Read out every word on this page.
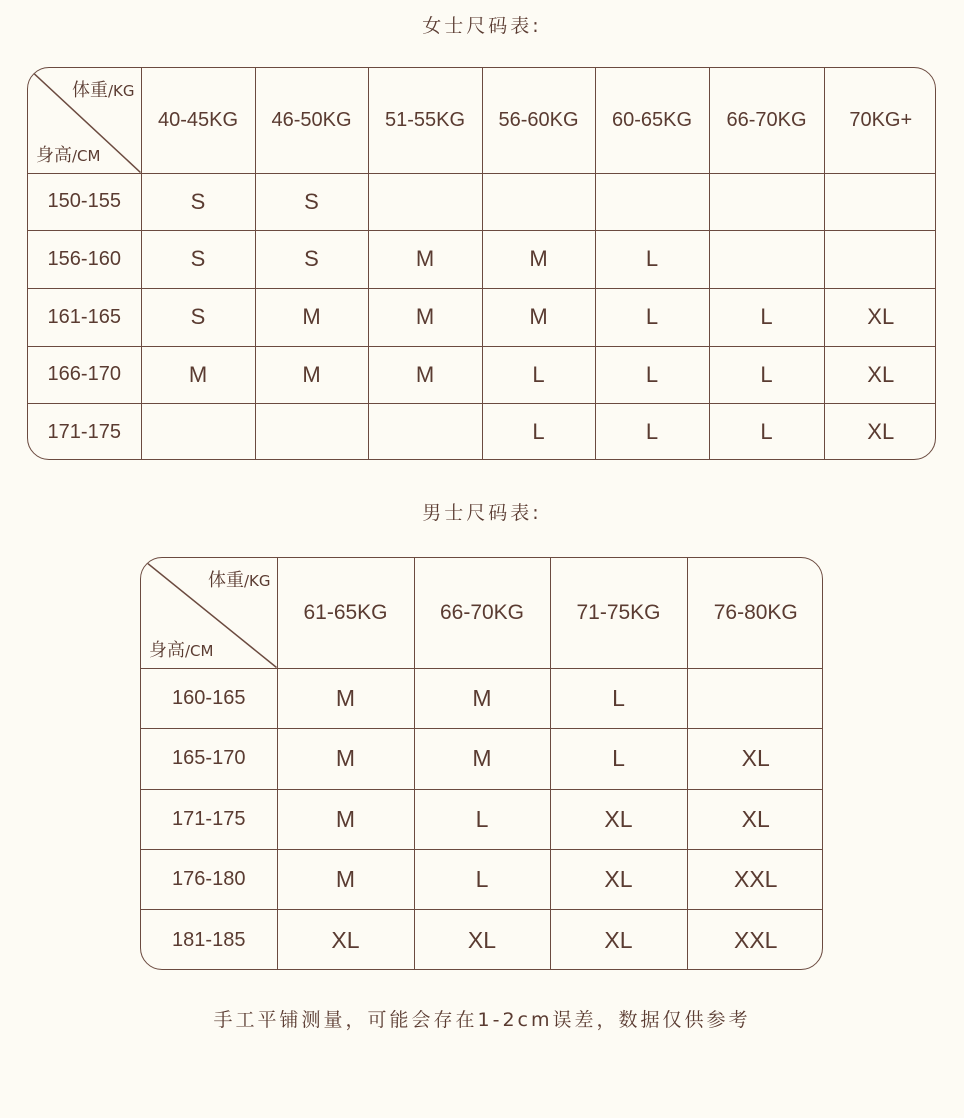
女士尺码表:
体重/KG
身高/CM	40-45KG	46-50KG	51-55KG	56-60KG	60-65KG	66-70KG	70KG+
150-155	S	S					
156-160	S	S	M	M	L		
161-165	S	M	M	M	L	L	XL
166-170	M	M	M	L	L	L	XL
171-175				L	L	L	XL
男士尺码表:
体重/KG
身高/CM	61-65KG	66-70KG	71-75KG	76-80KG
160-165	M	M	L	
165-170	M	M	L	XL
171-175	M	L	XL	XL
176-180	M	L	XL	XXL
181-185	XL	XL	XL	XXL
手工平铺测量，可能会存在1-2cm误差，数据仅供参考
